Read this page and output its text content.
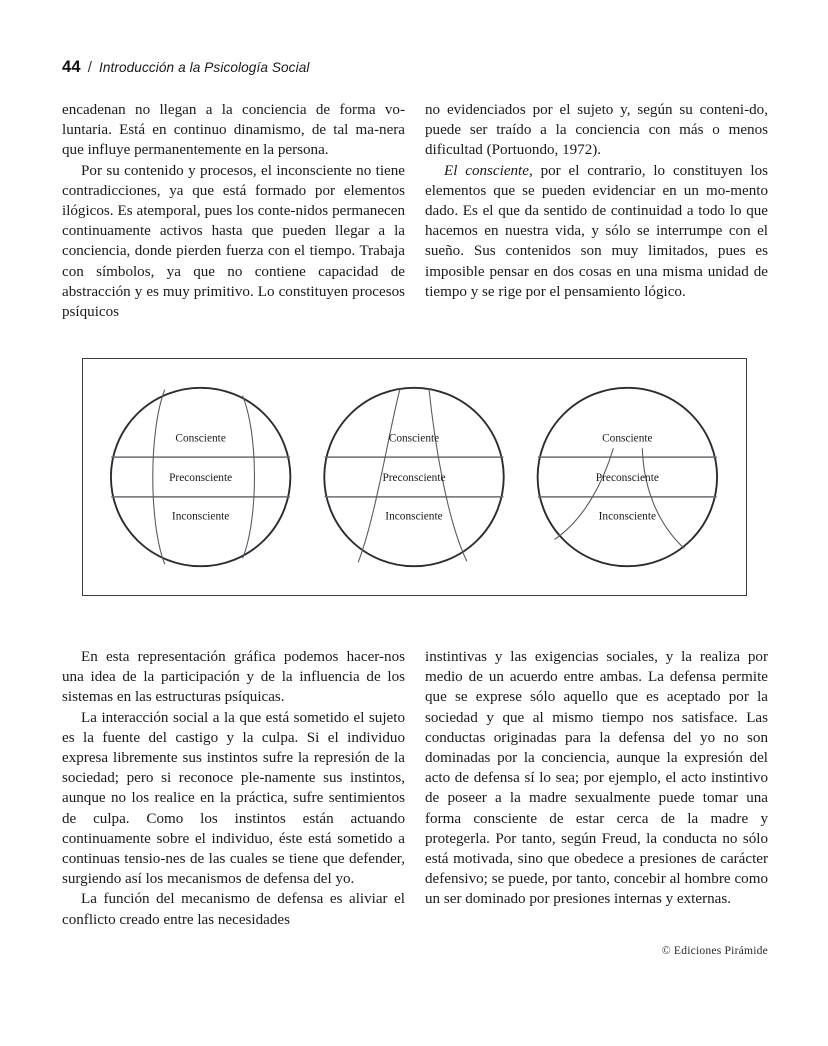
44 / Introducción a la Psicología Social

encadenan no llegan a la conciencia de forma vo-luntaria. Está en continuo dinamismo, de tal ma-nera que influye permanentemente en la persona.

Por su contenido y procesos, el inconsciente no tiene contradicciones, ya que está formado por elementos ilógicos. Es atemporal, pues los conte-nidos permanecen continuamente activos hasta que pueden llegar a la conciencia, donde pierden fuerza con el tiempo. Trabaja con símbolos, ya que no contiene capacidad de abstracción y es muy primitivo. Lo constituyen procesos psíquicos

no evidenciados por el sujeto y, según su conteni-do, puede ser traído a la conciencia con más o menos dificultad (Portuondo, 1972).

El consciente, por el contrario, lo constituyen los elementos que se pueden evidenciar en un mo-mento dado. Es el que da sentido de continuidad a todo lo que hacemos en nuestra vida, y sólo se interrumpe con el sueño. Sus contenidos son muy limitados, pues es imposible pensar en dos cosas en una misma unidad de tiempo y se rige por el pensamiento lógico.

Consciente
Preconsciente
Inconsciente
Consciente
Preconsciente
Inconsciente
Consciente
Preconsciente
Inconsciente

En esta representación gráfica podemos hacer-nos una idea de la participación y de la influencia de los sistemas en las estructuras psíquicas.

La interacción social a la que está sometido el sujeto es la fuente del castigo y la culpa. Si el individuo expresa libremente sus instintos sufre la represión de la sociedad; pero si reconoce ple-namente sus instintos, aunque no los realice en la práctica, sufre sentimientos de culpa. Como los instintos están actuando continuamente sobre el individuo, éste está sometido a continuas tensio-nes de las cuales se tiene que defender, surgiendo así los mecanismos de defensa del yo.

La función del mecanismo de defensa es aliviar el conflicto creado entre las necesidades

instintivas y las exigencias sociales, y la realiza por medio de un acuerdo entre ambas. La defensa permite que se exprese sólo aquello que es aceptado por la sociedad y que al mismo tiempo nos satisface. Las conductas originadas para la defensa del yo no son dominadas por la conciencia, aunque la expresión del acto de defensa sí lo sea; por ejemplo, el acto instintivo de poseer a la madre sexualmente puede tomar una forma consciente de estar cerca de la madre y protegerla. Por tanto, según Freud, la conducta no sólo está motivada, sino que obedece a presiones de carácter defensivo; se puede, por tanto, concebir al hombre como un ser dominado por presiones internas y externas.

© Ediciones Pirámide
